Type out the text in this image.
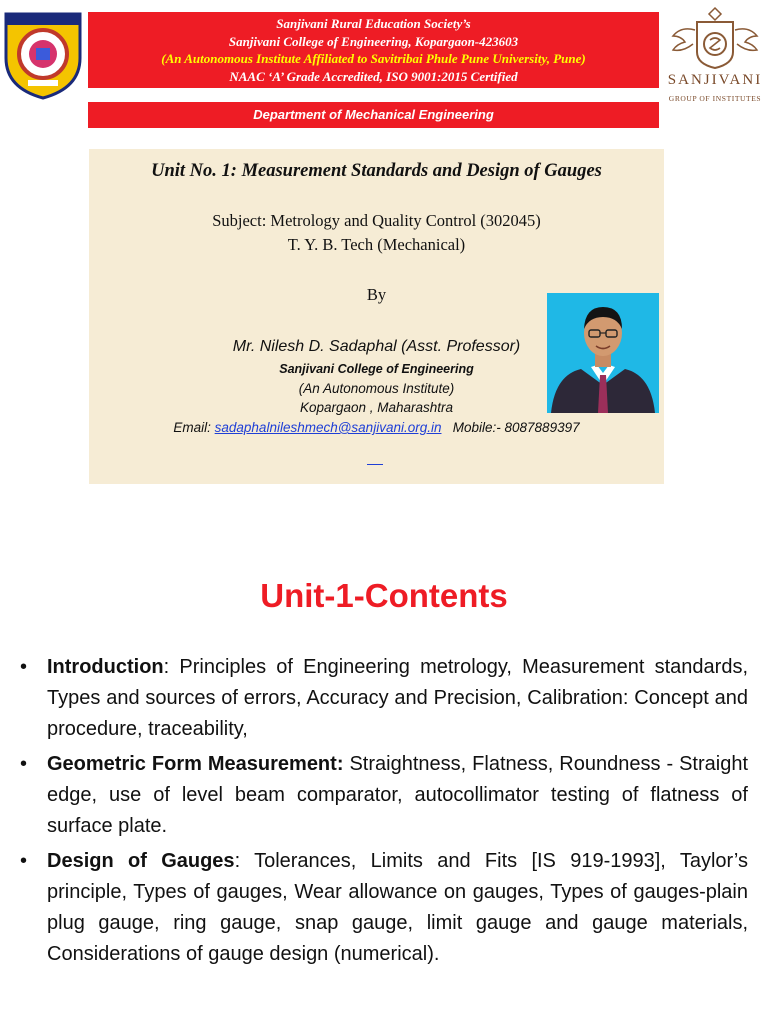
Sanjivani Rural Education Society’s
Sanjivani College of Engineering, Kopargaon-423603
(An Autonomous Institute Affiliated to Savitribai Phule Pune University, Pune)
NAAC ‘A’ Grade Accredited, ISO 9001:2015 Certified
Department of Mechanical Engineering
SANJIVANI
GROUP OF INSTITUTES
Unit No. 1: Measurement Standards and Design of Gauges
Subject: Metrology and Quality Control (302045)
T. Y. B. Tech (Mechanical)
By
Mr. Nilesh D. Sadaphal (Asst. Professor)
Sanjivani College of Engineering
(An Autonomous Institute)
Kopargaon , Maharashtra
Email: sadaphalnileshmech@sanjivani.org.in Mobile:- 8087889397
Unit-1-Contents
• Introduction: Principles of Engineering metrology, Measurement standards, Types and sources of errors, Accuracy and Precision, Calibration: Concept and procedure, traceability,
• Geometric Form Measurement: Straightness, Flatness, Roundness - Straight edge, use of level beam comparator, autocollimator testing of flatness of surface plate.
• Design of Gauges: Tolerances, Limits and Fits [IS 919-1993], Taylor’s principle, Types of gauges, Wear allowance on gauges, Types of gauges-plain plug gauge, ring gauge, snap gauge, limit gauge and gauge materials, Considerations of gauge design (numerical).
